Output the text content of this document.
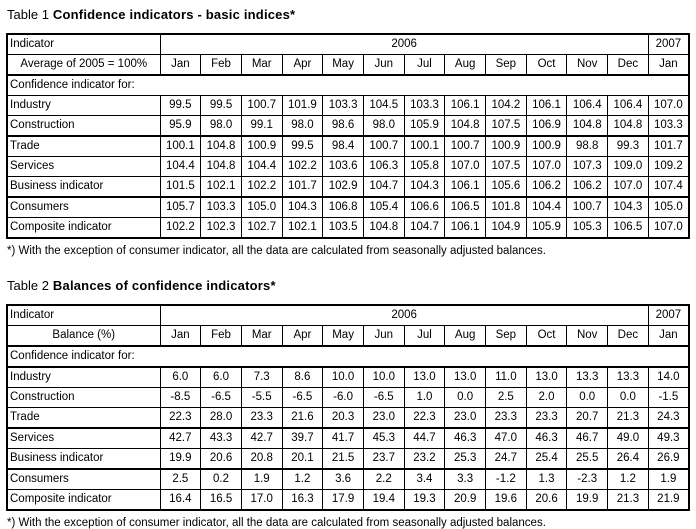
Table 1 Confidence indicators - basic indices*
Indicator	2006												2007
Average of 2005 = 100%	Jan	Feb	Mar	Apr	May	Jun	Jul	Aug	Sep	Oct	Nov	Dec	Jan
Confidence indicator for:													
Industry	99.5	99.5	100.7	101.9	103.3	104.5	103.3	106.1	104.2	106.1	106.4	106.4	107.0
Construction	95.9	98.0	99.1	98.0	98.6	98.0	105.9	104.8	107.5	106.9	104.8	104.8	103.3
Trade	100.1	104.8	100.9	99.5	98.4	100.7	100.1	100.7	100.9	100.9	98.8	99.3	101.7
Services	104.4	104.8	104.4	102.2	103.6	106.3	105.8	107.0	107.5	107.0	107.3	109.0	109.2
Business indicator	101.5	102.1	102.2	101.7	102.9	104.7	104.3	106.1	105.6	106.2	106.2	107.0	107.4
Consumers	105.7	103.3	105.0	104.3	106.8	105.4	106.6	106.5	101.8	104.4	100.7	104.3	105.0
Composite indicator	102.2	102.3	102.7	102.1	103.5	104.8	104.7	106.1	104.9	105.9	105.3	106.5	107.0
*) With the exception of consumer indicator, all the data are calculated from seasonally adjusted balances.
Table 2 Balances of confidence indicators*
Indicator	2006												2007
Balance (%)	Jan	Feb	Mar	Apr	May	Jun	Jul	Aug	Sep	Oct	Nov	Dec	Jan
Confidence indicator for:													
Industry	6.0	6.0	7.3	8.6	10.0	10.0	13.0	13.0	11.0	13.0	13.3	13.3	14.0
Construction	-8.5	-6.5	-5.5	-6.5	-6.0	-6.5	1.0	0.0	2.5	2.0	0.0	0.0	-1.5
Trade	22.3	28.0	23.3	21.6	20.3	23.0	22.3	23.0	23.3	23.3	20.7	21.3	24.3
Services	42.7	43.3	42.7	39.7	41.7	45.3	44.7	46.3	47.0	46.3	46.7	49.0	49.3
Business indicator	19.9	20.6	20.8	20.1	21.5	23.7	23.2	25.3	24.7	25.4	25.5	26.4	26.9
Consumers	2.5	0.2	1.9	1.2	3.6	2.2	3.4	3.3	-1.2	1.3	-2.3	1.2	1.9
Composite indicator	16.4	16.5	17.0	16.3	17.9	19.4	19.3	20.9	19.6	20.6	19.9	21.3	21.9
*) With the exception of consumer indicator, all the data are calculated from seasonally adjusted balances.
